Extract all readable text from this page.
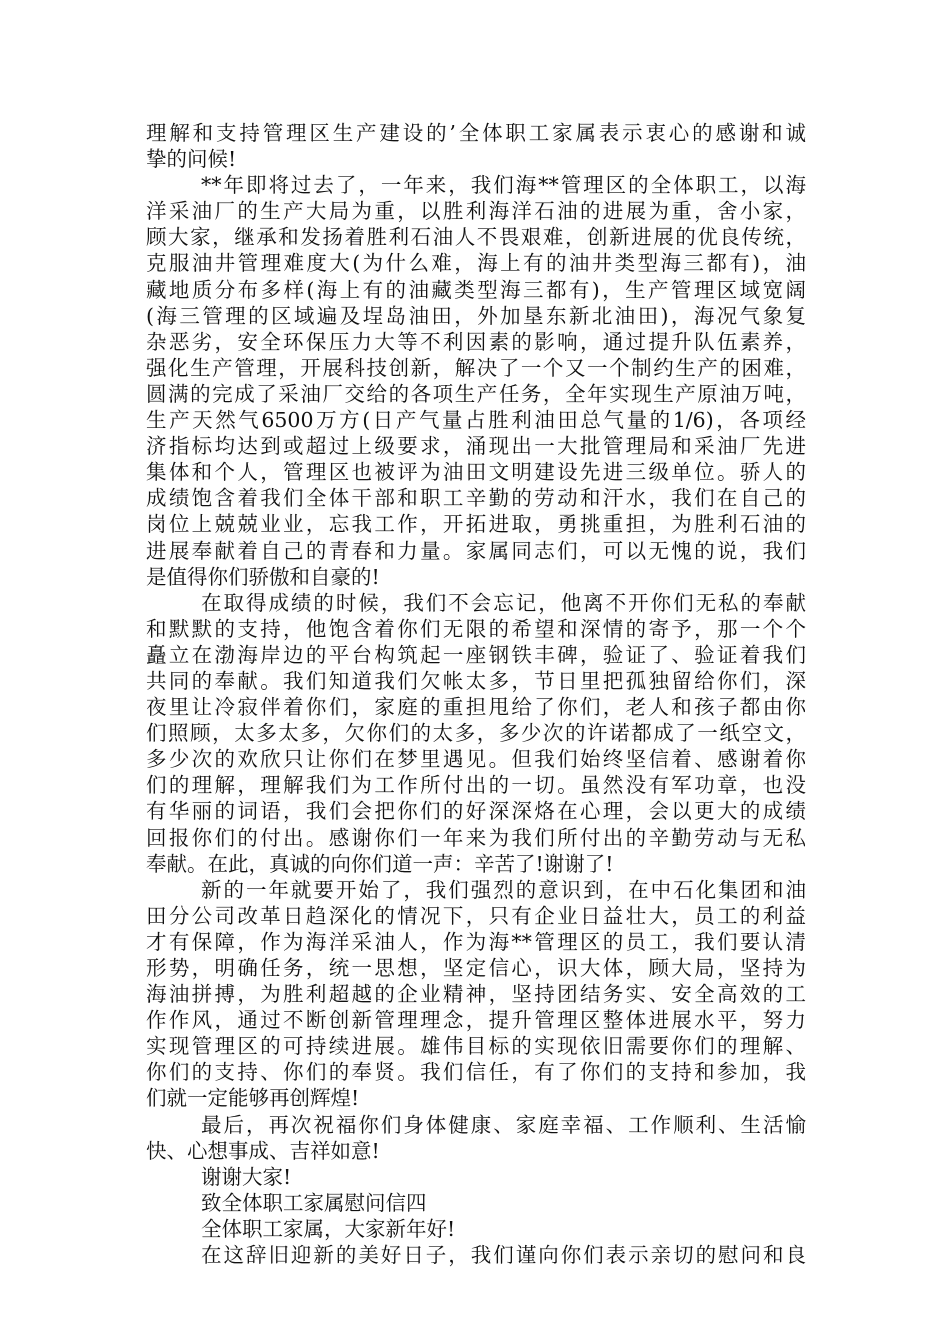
理解和支持管理区生产建设的’全体职工家属表示衷心的感谢和诚
挚的问候!
**年即将过去了，一年来，我们海**管理区的全体职工，以海
洋采油厂的生产大局为重，以胜利海洋石油的进展为重，舍小家，
顾大家，继承和发扬着胜利石油人不畏艰难，创新进展的优良传统，
克服油井管理难度大(为什么难，海上有的油井类型海三都有)，油
藏地质分布多样(海上有的油藏类型海三都有)，生产管理区域宽阔
(海三管理的区域遍及埕岛油田，外加垦东新北油田)，海况气象复
杂恶劣，安全环保压力大等不利因素的影响，通过提升队伍素养，
强化生产管理，开展科技创新，解决了一个又一个制约生产的困难，
圆满的完成了采油厂交给的各项生产任务，全年实现生产原油万吨，
生产天然气6500万方(日产气量占胜利油田总气量的1/6)，各项经
济指标均达到或超过上级要求，涌现出一大批管理局和采油厂先进
集体和个人，管理区也被评为油田文明建设先进三级单位。骄人的
成绩饱含着我们全体干部和职工辛勤的劳动和汗水，我们在自己的
岗位上兢兢业业，忘我工作，开拓进取，勇挑重担，为胜利石油的
进展奉献着自己的青春和力量。家属同志们，可以无愧的说，我们
是值得你们骄傲和自豪的!
在取得成绩的时候，我们不会忘记，他离不开你们无私的奉献
和默默的支持，他饱含着你们无限的希望和深情的寄予，那一个个
矗立在渤海岸边的平台构筑起一座钢铁丰碑，验证了、验证着我们
共同的奉献。我们知道我们欠帐太多，节日里把孤独留给你们，深
夜里让冷寂伴着你们，家庭的重担甩给了你们，老人和孩子都由你
们照顾，太多太多，欠你们的太多，多少次的许诺都成了一纸空文，
多少次的欢欣只让你们在梦里遇见。但我们始终坚信着、感谢着你
们的理解，理解我们为工作所付出的一切。虽然没有军功章，也没
有华丽的词语，我们会把你们的好深深烙在心理，会以更大的成绩
回报你们的付出。感谢你们一年来为我们所付出的辛勤劳动与无私
奉献。在此，真诚的向你们道一声：辛苦了!谢谢了!
新的一年就要开始了，我们强烈的意识到，在中石化集团和油
田分公司改革日趋深化的情况下，只有企业日益壮大，员工的利益
才有保障，作为海洋采油人，作为海**管理区的员工，我们要认清
形势，明确任务，统一思想，坚定信心，识大体，顾大局，坚持为
海油拼搏，为胜利超越的企业精神，坚持团结务实、安全高效的工
作作风，通过不断创新管理理念，提升管理区整体进展水平，努力
实现管理区的可持续进展。雄伟目标的实现依旧需要你们的理解、
你们的支持、你们的奉贤。我们信任，有了你们的支持和参加，我
们就一定能够再创辉煌!
最后，再次祝福你们身体健康、家庭幸福、工作顺利、生活愉
快、心想事成、吉祥如意!
谢谢大家!
致全体职工家属慰问信四
全体职工家属，大家新年好!
在这辞旧迎新的美好日子，我们谨向你们表示亲切的慰问和良
